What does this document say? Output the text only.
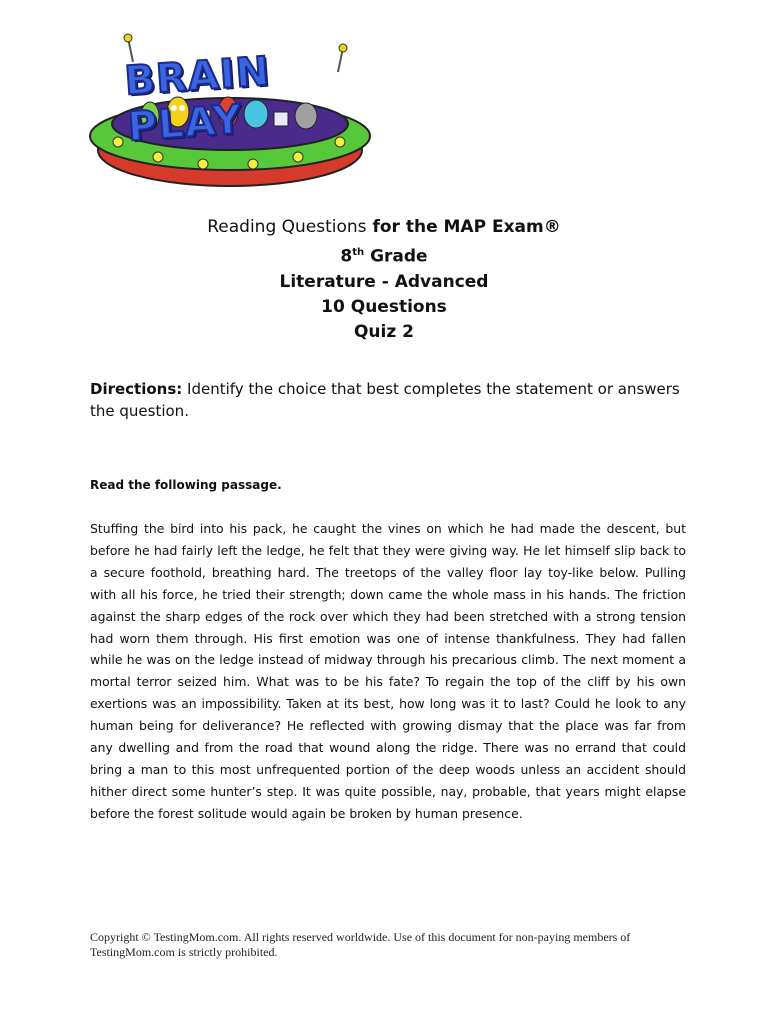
BRAIN PLAY
Reading Questions for the MAP Exam®
8th Grade
Literature - Advanced
10 Questions
Quiz 2
Directions: Identify the choice that best completes the statement or answers the question.
Read the following passage.

Stuffing the bird into his pack, he caught the vines on which he had made the descent, but before he had fairly left the ledge, he felt that they were giving way. He let himself slip back to a secure foothold, breathing hard. The treetops of the valley floor lay toy-like below. Pulling with all his force, he tried their strength; down came the whole mass in his hands. The friction against the sharp edges of the rock over which they had been stretched with a strong tension had worn them through. His first emotion was one of intense thankfulness. They had fallen while he was on the ledge instead of midway through his precarious climb. The next moment a mortal terror seized him. What was to be his fate? To regain the top of the cliff by his own exertions was an impossibility. Taken at its best, how long was it to last? Could he look to any human being for deliverance? He reflected with growing dismay that the place was far from any dwelling and from the road that wound along the ridge. There was no errand that could bring a man to this most unfrequented portion of the deep woods unless an accident should hither direct some hunter’s step. It was quite possible, nay, probable, that years might elapse before the forest solitude would again be broken by human presence.

Copyright © TestingMom.com. All rights reserved worldwide. Use of this document for non-paying members of TestingMom.com is strictly prohibited.
